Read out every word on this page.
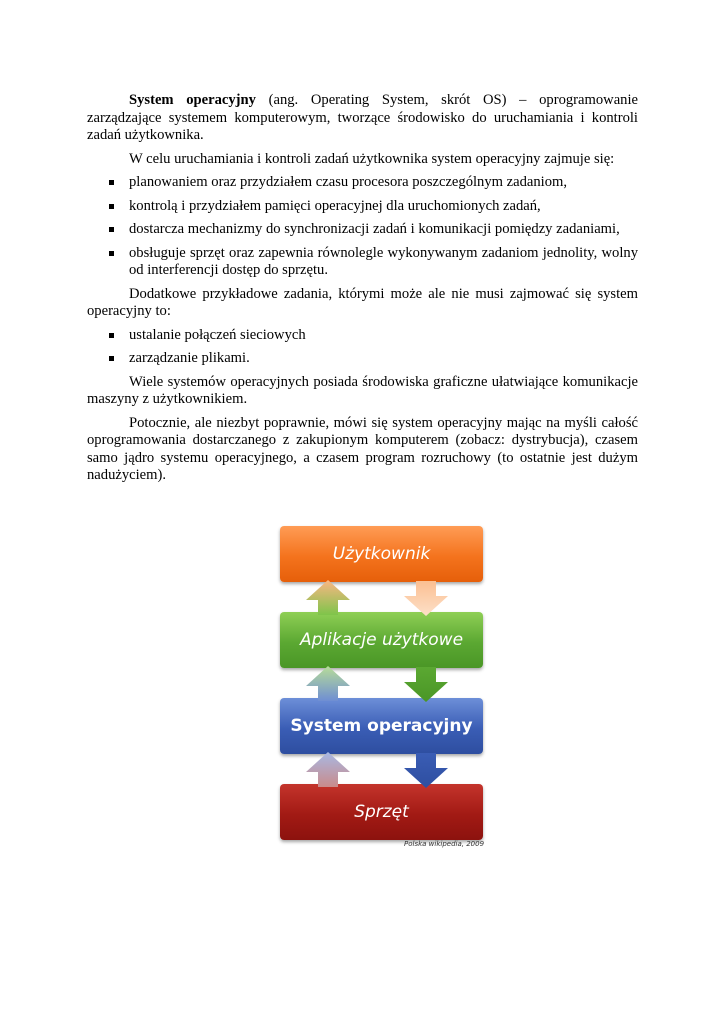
System operacyjny (ang. Operating System, skrót OS) – oprogramowanie zarządzające systemem komputerowym, tworzące środowisko do uruchamiania i kontroli zadań użytkownika.

W celu uruchamiania i kontroli zadań użytkownika system operacyjny zajmuje się:

planowaniem oraz przydziałem czasu procesora poszczególnym zadaniom,
kontrolą i przydziałem pamięci operacyjnej dla uruchomionych zadań,
dostarcza mechanizmy do synchronizacji zadań i komunikacji pomiędzy zadaniami,
obsługuje sprzęt oraz zapewnia równolegle wykonywanym zadaniom jednolity, wolny od interferencji dostęp do sprzętu.

Dodatkowe przykładowe zadania, którymi może ale nie musi zajmować się system operacyjny to:

ustalanie połączeń sieciowych
zarządzanie plikami.

Wiele systemów operacyjnych posiada środowiska graficzne ułatwiające komunikacje maszyny z użytkownikiem.

Potocznie, ale niezbyt poprawnie, mówi się system operacyjny mając na myśli całość oprogramowania dostarczanego z zakupionym komputerem (zobacz: dystrybucja), czasem samo jądro systemu operacyjnego, a czasem program rozruchowy (to ostatnie jest dużym nadużyciem).

Użytkownik
Aplikacje użytkowe
System operacyjny
Sprzęt
Polska wikipedia, 2009
